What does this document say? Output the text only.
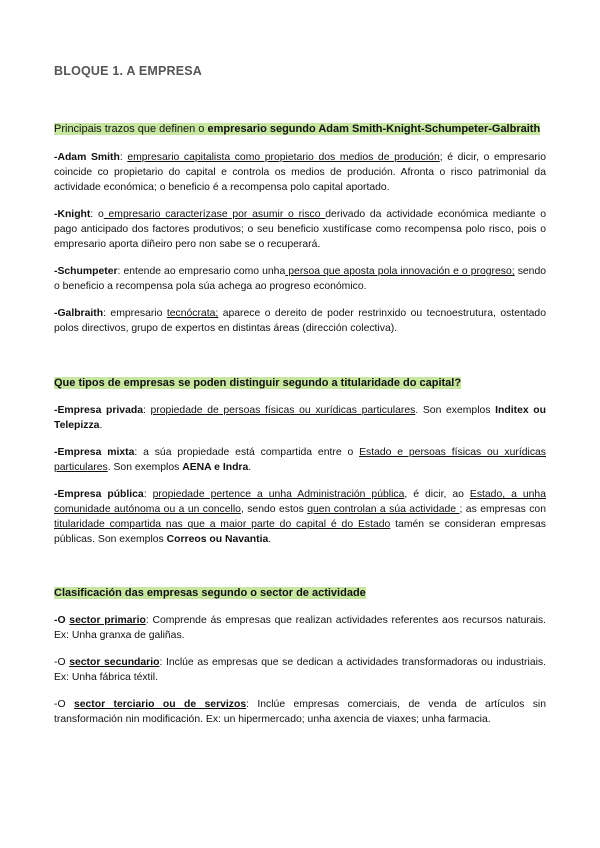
BLOQUE 1. A EMPRESA
Principais trazos que definen o empresario segundo Adam Smith-Knight-Schumpeter-Galbraith

-Adam Smith: empresario capitalista como propietario dos medios de produción; é dicir, o empresario coincide co propietario do capital e controla os medios de produción. Afronta o risco patrimonial da actividade económica; o beneficio é a recompensa polo capital aportado.

-Knight: o empresario caracterízase por asumir o risco derivado da actividade económica mediante o pago anticipado dos factores produtivos; o seu beneficio xustifícase como recompensa polo risco, pois o empresario aporta diñeiro pero non sabe se o recuperará.

-Schumpeter: entende ao empresario como unha persoa que aposta pola innovación e o progreso; sendo o beneficio a recompensa pola súa achega ao progreso económico.

-Galbraith: empresario tecnócrata; aparece o dereito de poder restrinxido ou tecnoestrutura, ostentado polos directivos, grupo de expertos en distintas áreas (dirección colectiva).

Que tipos de empresas se poden distinguir segundo a titularidade do capital?

-Empresa privada: propiedade de persoas físicas ou xurídicas particulares. Son exemplos Inditex ou Telepizza.

-Empresa mixta: a súa propiedade está compartida entre o Estado e persoas físicas ou xurídicas particulares. Son exemplos AENA e Indra.

-Empresa pública: propiedade pertence a unha Administración pública, é dicir, ao Estado, a unha comunidade autónoma ou a un concello, sendo estos quen controlan a súa actividade ; as empresas con titularidade compartida nas que a maior parte do capital é do Estado tamén se consideran empresas públicas. Son exemplos Correos ou Navantia.

Clasificación das empresas segundo o sector de actividade

-O sector primario: Comprende ás empresas que realizan actividades referentes aos recursos naturais. Ex: Unha granxa de galiñas.

-O sector secundario: Inclúe as empresas que se dedican a actividades transformadoras ou industriais. Ex: Unha fábrica téxtil.

-O sector terciario ou de servizos: Inclúe empresas comerciais, de venda de artículos sin transformación nin modificación. Ex: un hipermercado; unha axencia de viaxes; unha farmacia.
